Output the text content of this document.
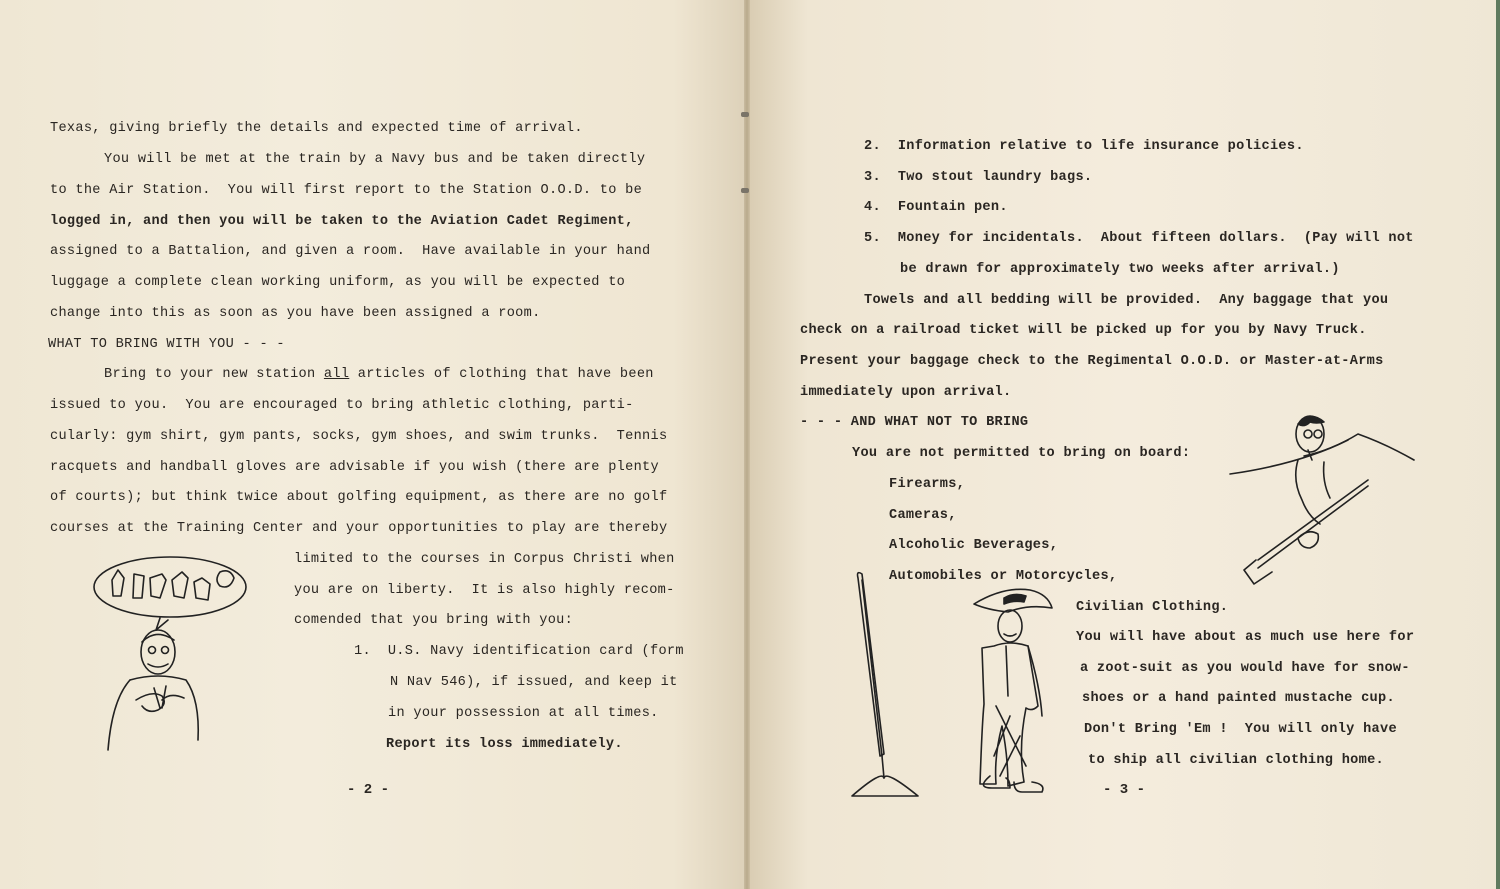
Texas, giving briefly the details and expected time of arrival.

You will be met at the train by a Navy bus and be taken directly

to the Air Station.  You will first report to the Station O.O.D. to be

logged in, and then you will be taken to the Aviation Cadet Regiment,

assigned to a Battalion, and given a room.  Have available in your hand

luggage a complete clean working uniform, as you will be expected to

change into this as soon as you have been assigned a room.

WHAT TO BRING WITH YOU - - -

Bring to your new station all articles of clothing that have been

issued to you.  You are encouraged to bring athletic clothing, parti-

cularly: gym shirt, gym pants, socks, gym shoes, and swim trunks.  Tennis

racquets and handball gloves are advisable if you wish (there are plenty

of courts); but think twice about golfing equipment, as there are no golf

courses at the Training Center and your opportunities to play are thereby

limited to the courses in Corpus Christi when

you are on liberty.  It is also highly recom-

comended that you bring with you:

1.  U.S. Navy identification card (form

N Nav 546), if issued, and keep it

in your possession at all times.

Report its loss immediately.

- 2 -

2.  Information relative to life insurance policies.

3.  Two stout laundry bags.

4.  Fountain pen.

5.  Money for incidentals.  About fifteen dollars.  (Pay will not

be drawn for approximately two weeks after arrival.)

Towels and all bedding will be provided.  Any baggage that you

check on a railroad ticket will be picked up for you by Navy Truck.

Present your baggage check to the Regimental O.O.D. or Master-at-Arms

immediately upon arrival.

- - - AND WHAT NOT TO BRING

You are not permitted to bring on board:

Firearms,

Cameras,

Alcoholic Beverages,

Automobiles or Motorcycles,

Civilian Clothing.

You will have about as much use here for

a zoot-suit as you would have for snow-

shoes or a hand painted mustache cup.

Don't Bring 'Em !  You will only have

to ship all civilian clothing home.

- 3 -
